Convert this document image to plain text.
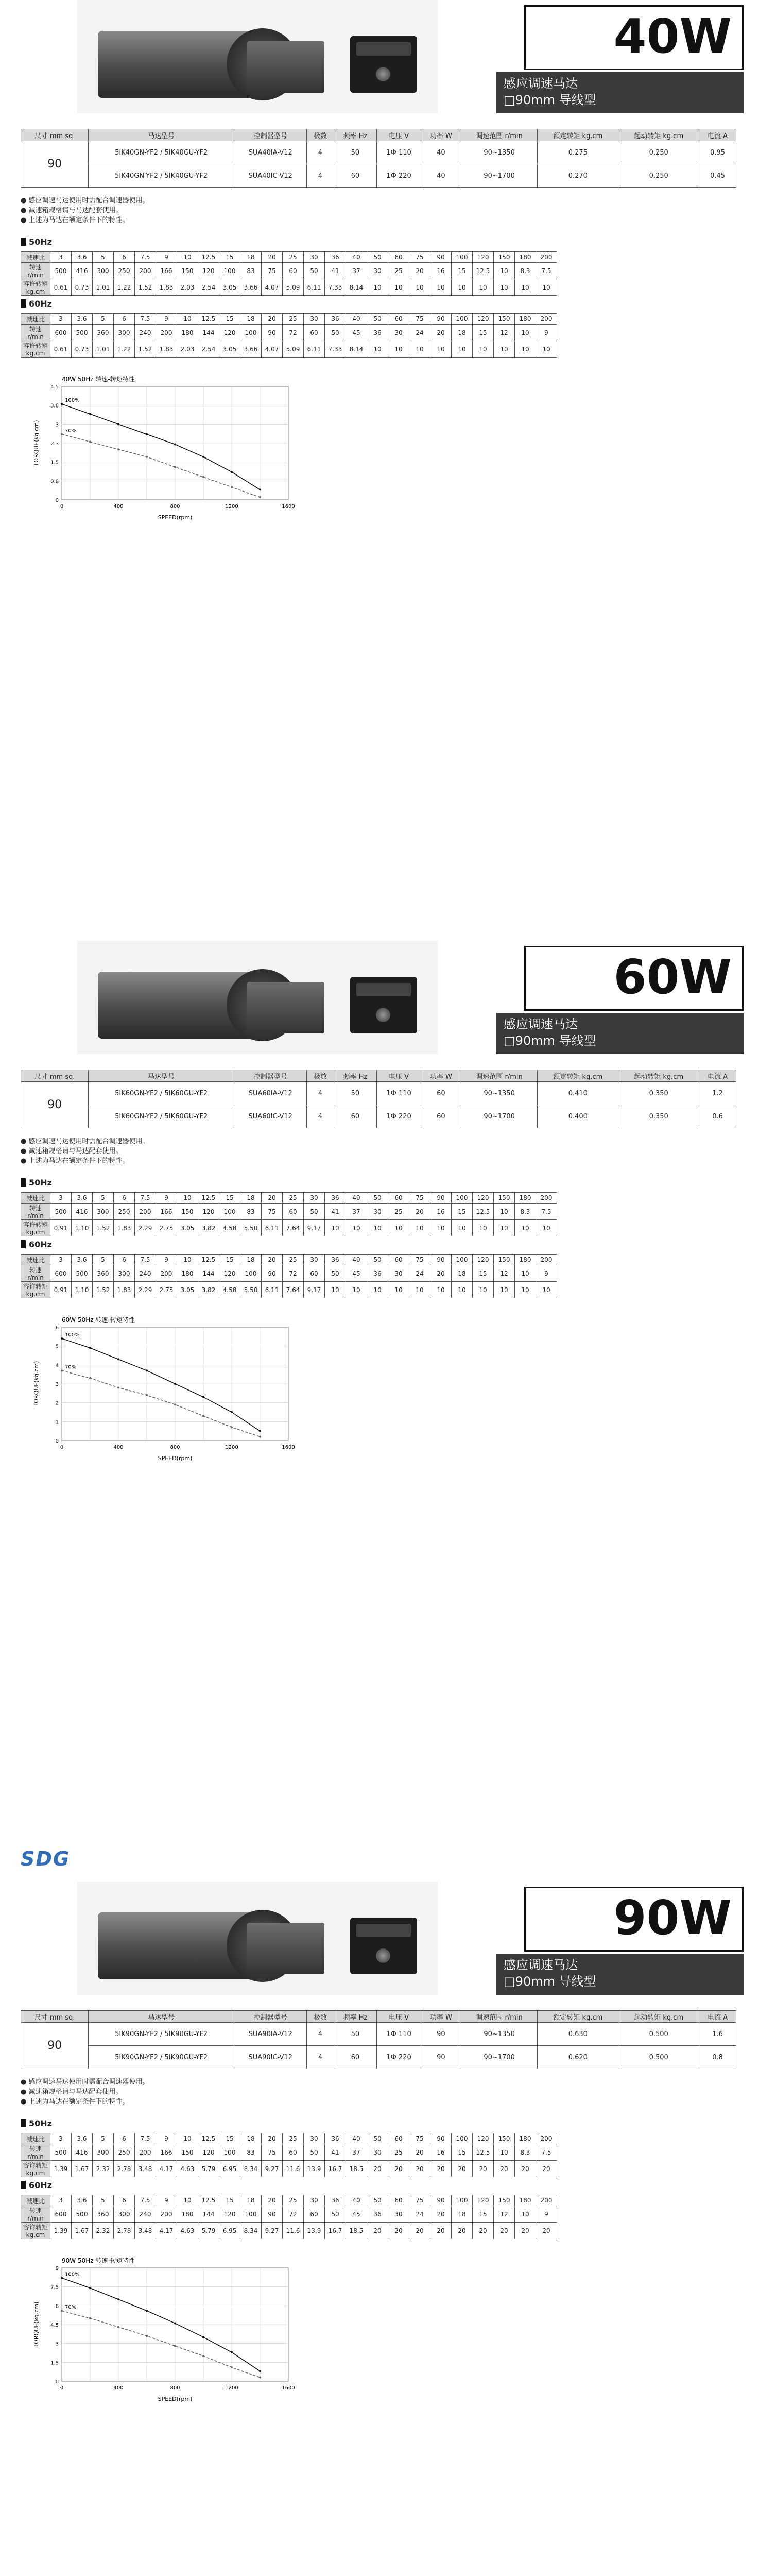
40W
感应调速马达
□90mm 导线型
尺寸 mm sq.	马达型号	控制器型号	极数	频率 Hz	电压 V	功率 W	调速范围 r/min	额定转矩 kg.cm	起动转矩 kg.cm	电流 A
90	5IK40GN-YF2 / 5IK40GU-YF2	SUA40IA-V12	4	50	1Ф 110	40	90~1350	0.275	0.250	0.95
	5IK40GN-YF2 / 5IK40GU-YF2	SUA40IC-V12	4	60	1Ф 220	40	90~1700	0.270	0.250	0.45
● 感应调速马达使用时需配合调速器使用。
● 减速箱规格请与马达配套使用。
● 上述为马达在额定条件下的特性。
50Hz
减速比	3	3.6	5	6	7.5	9	10	12.5	15	18	20	25	30	36	40	50	60	75	90	100	120	150	180	200
转速 r/min	500	416	300	250	200	166	150	120	100	83	75	60	50	41	37	30	25	20	16	15	12.5	10	8.3	7.5
容许转矩 kg.cm	0.61	0.73	1.01	1.22	1.52	1.83	2.03	2.54	3.05	3.66	4.07	5.09	6.11	7.33	8.14	10	10	10	10	10	10	10	10	10
60Hz
减速比	3	3.6	5	6	7.5	9	10	12.5	15	18	20	25	30	36	40	50	60	75	90	100	120	150	180	200
转速 r/min	600	500	360	300	240	200	180	144	120	100	90	72	60	50	45	36	30	24	20	18	15	12	10	9
容许转矩 kg.cm	0.61	0.73	1.01	1.22	1.52	1.83	2.03	2.54	3.05	3.66	4.07	5.09	6.11	7.33	8.14	10	10	10	10	10	10	10	10	10
0
0.8
1.5
2.3
3
3.8
4.5
0	400	800	1200	1600
SPEED(rpm)
TORQUE(kg.cm)
40W 50Hz 转速-转矩特性
100%
70%
60W
感应调速马达
□90mm 导线型
尺寸 mm sq.	马达型号	控制器型号	极数	频率 Hz	电压 V	功率 W	调速范围 r/min	额定转矩 kg.cm	起动转矩 kg.cm	电流 A
90	5IK60GN-YF2 / 5IK60GU-YF2	SUA60IA-V12	4	50	1Ф 110	60	90~1350	0.410	0.350	1.2
	5IK60GN-YF2 / 5IK60GU-YF2	SUA60IC-V12	4	60	1Ф 220	60	90~1700	0.400	0.350	0.6
● 感应调速马达使用时需配合调速器使用。
● 减速箱规格请与马达配套使用。
● 上述为马达在额定条件下的特性。
50Hz
减速比	3	3.6	5	6	7.5	9	10	12.5	15	18	20	25	30	36	40	50	60	75	90	100	120	150	180	200
转速 r/min	500	416	300	250	200	166	150	120	100	83	75	60	50	41	37	30	25	20	16	15	12.5	10	8.3	7.5
容许转矩 kg.cm	0.91	1.10	1.52	1.83	2.29	2.75	3.05	3.82	4.58	5.50	6.11	7.64	9.17	10	10	10	10	10	10	10	10	10	10	10
60Hz
减速比	3	3.6	5	6	7.5	9	10	12.5	15	18	20	25	30	36	40	50	60	75	90	100	120	150	180	200
转速 r/min	600	500	360	300	240	200	180	144	120	100	90	72	60	50	45	36	30	24	20	18	15	12	10	9
容许转矩 kg.cm	0.91	1.10	1.52	1.83	2.29	2.75	3.05	3.82	4.58	5.50	6.11	7.64	9.17	10	10	10	10	10	10	10	10	10	10	10
0
1
2
3
4
5
6
0	400	800	1200	1600
SPEED(rpm)
TORQUE(kg.cm)
60W 50Hz 转速-转矩特性
100%
70%
SDG
90W
感应调速马达
□90mm 导线型
尺寸 mm sq.	马达型号	控制器型号	极数	频率 Hz	电压 V	功率 W	调速范围 r/min	额定转矩 kg.cm	起动转矩 kg.cm	电流 A
90	5IK90GN-YF2 / 5IK90GU-YF2	SUA90IA-V12	4	50	1Ф 110	90	90~1350	0.630	0.500	1.6
	5IK90GN-YF2 / 5IK90GU-YF2	SUA90IC-V12	4	60	1Ф 220	90	90~1700	0.620	0.500	0.8
● 感应调速马达使用时需配合调速器使用。
● 减速箱规格请与马达配套使用。
● 上述为马达在额定条件下的特性。
50Hz
减速比	3	3.6	5	6	7.5	9	10	12.5	15	18	20	25	30	36	40	50	60	75	90	100	120	150	180	200
转速 r/min	500	416	300	250	200	166	150	120	100	83	75	60	50	41	37	30	25	20	16	15	12.5	10	8.3	7.5
容许转矩 kg.cm	1.39	1.67	2.32	2.78	3.48	4.17	4.63	5.79	6.95	8.34	9.27	11.6	13.9	16.7	18.5	20	20	20	20	20	20	20	20	20
60Hz
减速比	3	3.6	5	6	7.5	9	10	12.5	15	18	20	25	30	36	40	50	60	75	90	100	120	150	180	200
转速 r/min	600	500	360	300	240	200	180	144	120	100	90	72	60	50	45	36	30	24	20	18	15	12	10	9
容许转矩 kg.cm	1.39	1.67	2.32	2.78	3.48	4.17	4.63	5.79	6.95	8.34	9.27	11.6	13.9	16.7	18.5	20	20	20	20	20	20	20	20	20
0
1.5
3
4.5
6
7.5
9
0	400	800	1200	1600
SPEED(rpm)
TORQUE(kg.cm)
90W 50Hz 转速-转矩特性
100%
70%
